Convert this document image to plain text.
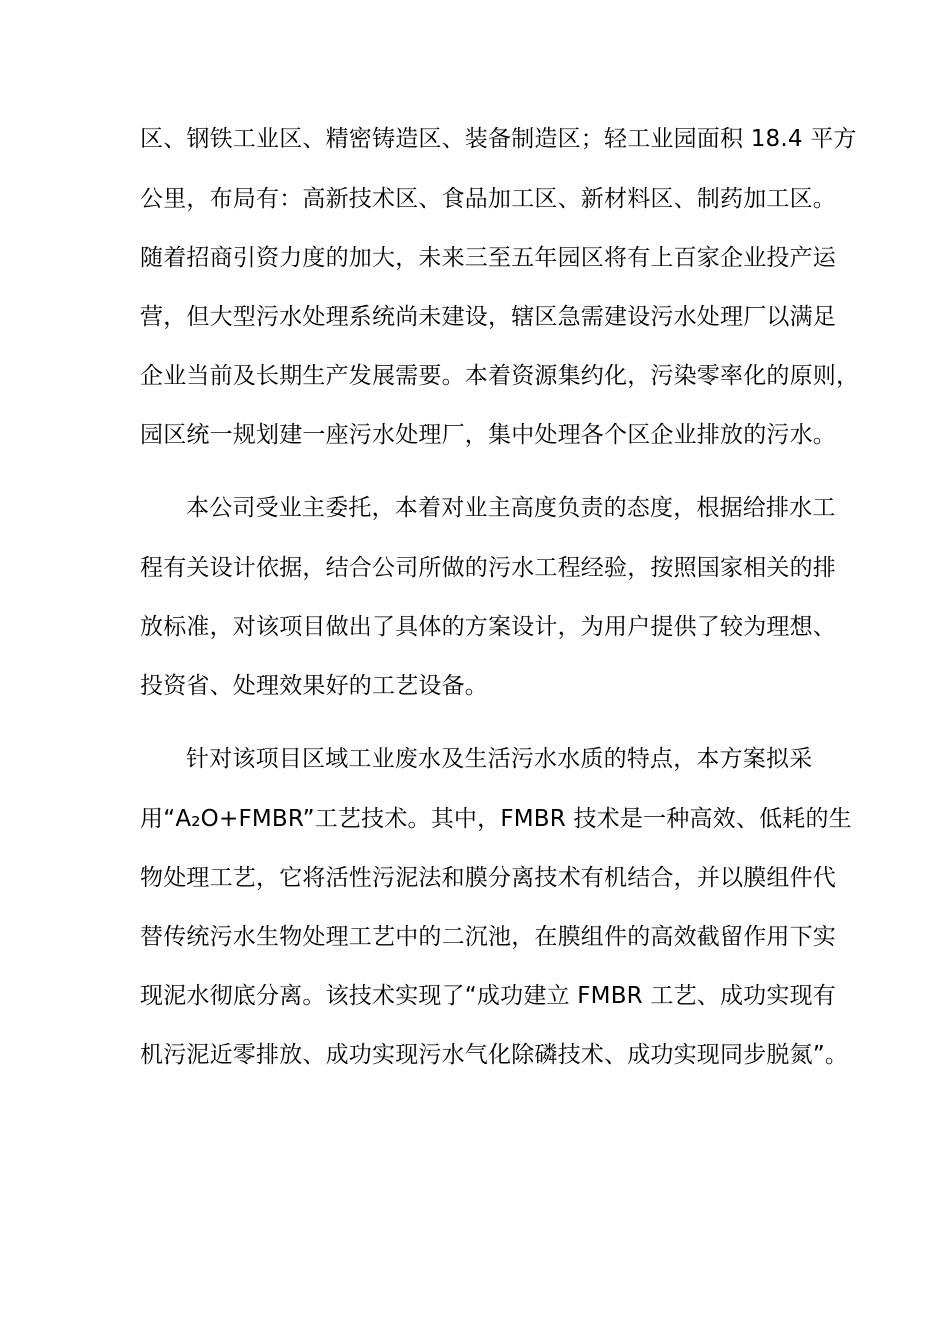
区、钢铁工业区、精密铸造区、装备制造区；轻工业园面积 18.4 平方
公里，布局有：高新技术区、食品加工区、新材料区、制药加工区。
随着招商引资力度的加大，未来三至五年园区将有上百家企业投产运
营，但大型污水处理系统尚未建设，辖区急需建设污水处理厂以满足
企业当前及长期生产发展需要。本着资源集约化，污染零率化的原则，
园区统一规划建一座污水处理厂，集中处理各个区企业排放的污水。
本公司受业主委托，本着对业主高度负责的态度，根据给排水工
程有关设计依据，结合公司所做的污水工程经验，按照国家相关的排
放标准，对该项目做出了具体的方案设计，为用户提供了较为理想、
投资省、处理效果好的工艺设备。
针对该项目区域工业废水及生活污水水质的特点，本方案拟采
用“A₂O+FMBR”工艺技术。其中，FMBR 技术是一种高效、低耗的生
物处理工艺，它将活性污泥法和膜分离技术有机结合，并以膜组件代
替传统污水生物处理工艺中的二沉池，在膜组件的高效截留作用下实
现泥水彻底分离。该技术实现了“成功建立 FMBR 工艺、成功实现有
机污泥近零排放、成功实现污水气化除磷技术、成功实现同步脱氮”。
